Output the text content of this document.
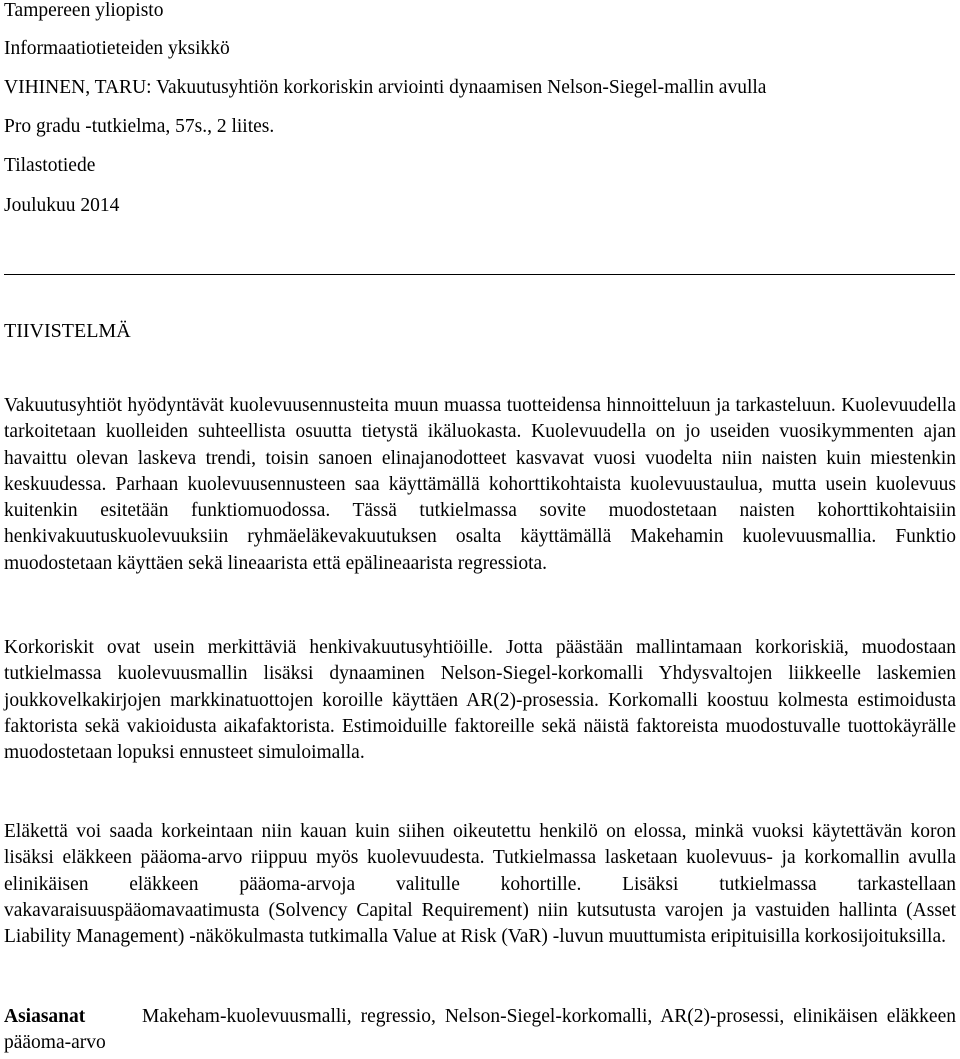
Tampereen yliopisto
Informaatiotieteiden yksikkö
VIHINEN, TARU: Vakuutusyhtiön korkoriskin arviointi dynaamisen Nelson-Siegel-mallin avulla
Pro gradu -tutkielma, 57s., 2 liites.
Tilastotiede
Joulukuu 2014
TIIVISTELMÄ

Vakuutusyhtiöt hyödyntävät kuolevuusennusteita muun muassa tuotteidensa hinnoitteluun ja tarkasteluun. Kuolevuudella tarkoitetaan kuolleiden suhteellista osuutta tietystä ikäluokasta. Kuolevuudella on jo useiden vuosikymmenten ajan havaittu olevan laskeva trendi, toisin sanoen elinajanodotteet kasvavat vuosi vuodelta niin naisten kuin miestenkin keskuudessa. Parhaan kuolevuusennusteen saa käyttämällä kohorttikohtaista kuolevuustaulua, mutta usein kuolevuus kuitenkin esitetään funktiomuodossa. Tässä tutkielmassa sovite muodostetaan naisten kohorttikohtaisiin henkivakuutuskuolevuuksiin ryhmäeläkevakuutuksen osalta käyttämällä Makehamin kuolevuusmallia. Funktio muodostetaan käyttäen sekä lineaarista että epälineaarista regressiota.

Korkoriskit ovat usein merkittäviä henkivakuutusyhtiöille. Jotta päästään mallintamaan korkoriskiä, muodostaan tutkielmassa kuolevuusmallin lisäksi dynaaminen Nelson-Siegel-korkomalli Yhdysvaltojen liikkeelle laskemien joukkovelkakirjojen markkinatuottojen koroille käyttäen AR(2)-prosessia. Korkomalli koostuu kolmesta estimoidusta faktorista sekä vakioidusta aikafaktorista. Estimoiduille faktoreille sekä näistä faktoreista muodostuvalle tuottokäyrälle muodostetaan lopuksi ennusteet simuloimalla.

Eläkettä voi saada korkeintaan niin kauan kuin siihen oikeutettu henkilö on elossa, minkä vuoksi käytettävän koron lisäksi eläkkeen pääoma-arvo riippuu myös kuolevuudesta. Tutkielmassa lasketaan kuolevuus- ja korkomallin avulla elinikäisen eläkkeen pääoma-arvoja valitulle kohortille. Lisäksi tutkielmassa tarkastellaan vakavaraisuuspääomavaatimusta (Solvency Capital Requirement) niin kutsutusta varojen ja vastuiden hallinta (Asset Liability Management) -näkökulmasta tutkimalla Value at Risk (VaR) -luvun muuttumista eripituisilla korkosijoituksilla.

Asiasanat	Makeham-kuolevuusmalli, regressio, Nelson-Siegel-korkomalli, AR(2)-prosessi, elinikäisen eläkkeen pääoma-arvo
